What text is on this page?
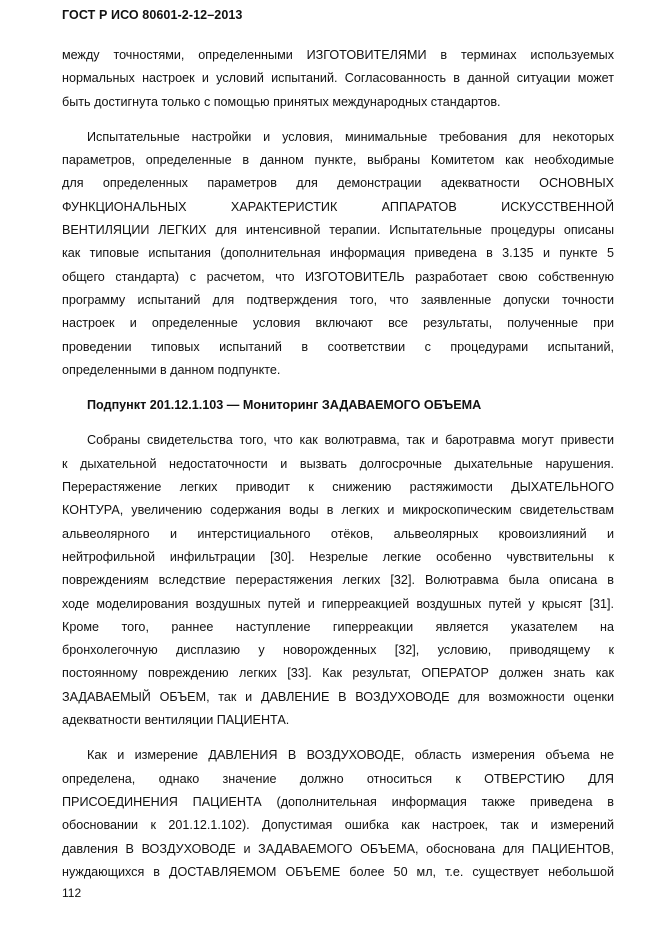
ГОСТ Р ИСО 80601-2-12–2013
между точностями, определенными ИЗГОТОВИТЕЛЯМИ в терминах используемых
нормальных настроек и условий испытаний. Согласованность в данной ситуации может
быть достигнута только с помощью принятых международных стандартов.
Испытательные настройки и условия, минимальные требования для некоторых
параметров, определенные в данном пункте, выбраны Комитетом как необходимые
для определенных параметров для демонстрации адекватности ОСНОВНЫХ
ФУНКЦИОНАЛЬНЫХ ХАРАКТЕРИСТИК АППАРАТОВ ИСКУССТВЕННОЙ
ВЕНТИЛЯЦИИ ЛЕГКИХ для интенсивной терапии. Испытательные процедуры описаны
как типовые испытания (дополнительная информация приведена в 3.135 и пункте 5
общего стандарта) с расчетом, что ИЗГОТОВИТЕЛЬ разработает свою собственную
программу испытаний для подтверждения того, что заявленные допуски точности
настроек и определенные условия включают все результаты, полученные при
проведении типовых испытаний в соответствии с процедурами испытаний,
определенными в данном подпункте.
Подпункт 201.12.1.103 — Мониторинг ЗАДАВАЕМОГО ОБЪЕМА
Собраны свидетельства того, что как волютравма, так и баротравма могут привести
к дыхательной недостаточности и вызвать долгосрочные дыхательные нарушения.
Перерастяжение легких приводит к снижению растяжимости ДЫХАТЕЛЬНОГО
КОНТУРА, увеличению содержания воды в легких и микроскопическим свидетельствам
альвеолярного и интерстициального отёков, альвеолярных кровоизлияний и
нейтрофильной инфильтрации [30]. Незрелые легкие особенно чувствительны к
повреждениям вследствие перерастяжения легких [32]. Волютравма была описана в
ходе моделирования воздушных путей и гиперреакцией воздушных путей у крысят [31].
Кроме того, раннее наступление гиперреакции является указателем на
бронхолегочную дисплазию у новорожденных [32], условию, приводящему к
постоянному повреждению легких [33]. Как результат, ОПЕРАТОР должен знать как
ЗАДАВАЕМЫЙ ОБЪЕМ, так и ДАВЛЕНИЕ В ВОЗДУХОВОДЕ для возможности оценки
адекватности вентиляции ПАЦИЕНТА.
Как и измерение ДАВЛЕНИЯ В ВОЗДУХОВОДЕ, область измерения объема не
определена, однако значение должно относиться к ОТВЕРСТИЮ ДЛЯ
ПРИСОЕДИНЕНИЯ ПАЦИЕНТА (дополнительная информация также приведена в
обосновании к 201.12.1.102). Допустимая ошибка как настроек, так и измерений
давления В ВОЗДУХОВОДЕ и ЗАДАВАЕМОГО ОБЪЕМА, обоснована для ПАЦИЕНТОВ,
нуждающихся в ДОСТАВЛЯЕМОМ ОБЪЕМЕ более 50 мл, т.е. существует небольшой
112
